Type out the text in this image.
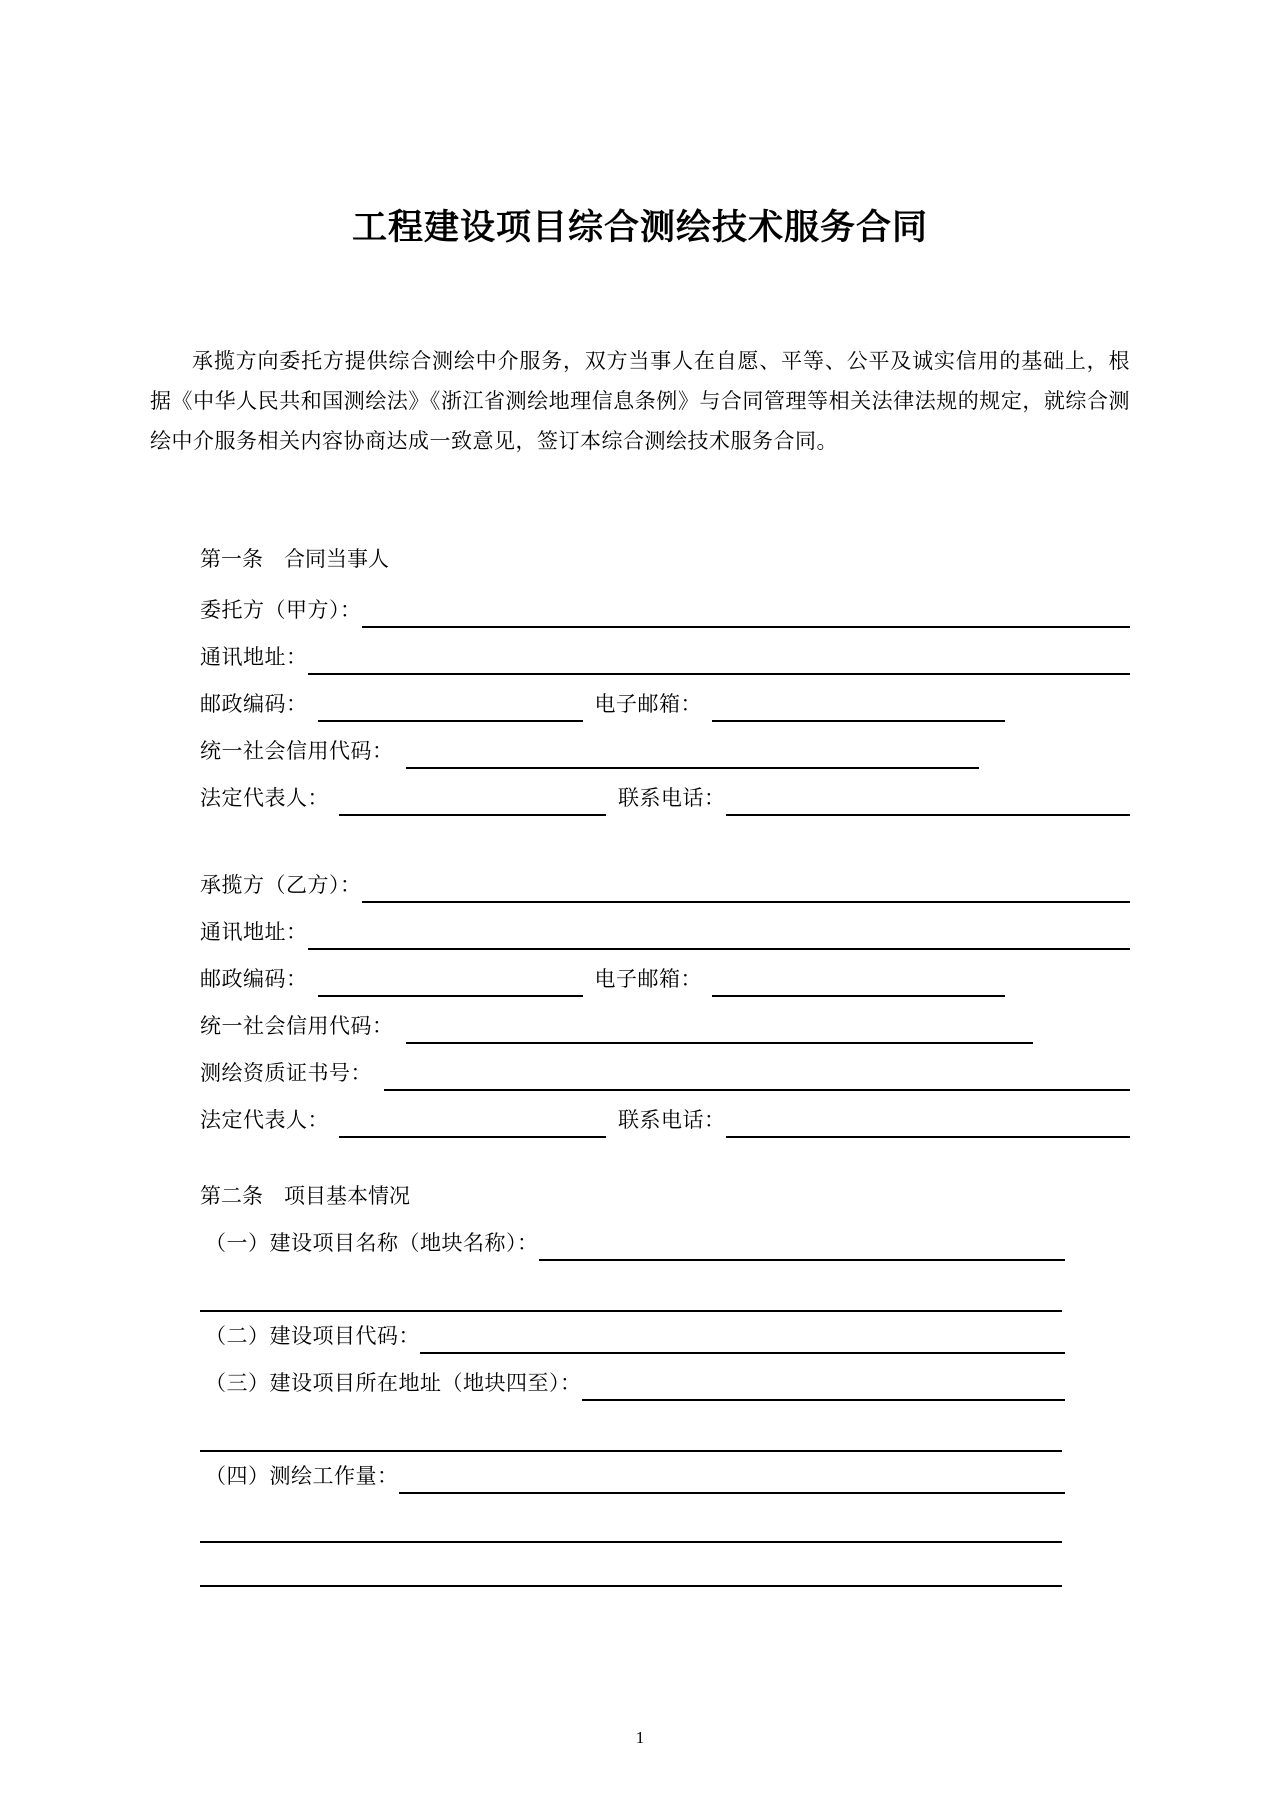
工程建设项目综合测绘技术服务合同

承揽方向委托方提供综合测绘中介服务，双方当事人在自愿、平等、公平及诚实信用的基础上，根据《中华人民共和国测绘法》《浙江省测绘地理信息条例》与合同管理等相关法律法规的规定，就综合测绘中介服务相关内容协商达成一致意见，签订本综合测绘技术服务合同。

第一条　合同当事人
委托方（甲方）：
通讯地址：
邮政编码：	电子邮箱：
统一社会信用代码：
法定代表人：	联系电话：
承揽方（乙方）：
通讯地址：
邮政编码：	电子邮箱：
统一社会信用代码：
测绘资质证书号：
法定代表人：	联系电话：
第二条　项目基本情况
（一）建设项目名称（地块名称）：
（二）建设项目代码：
（三）建设项目所在地址（地块四至）：
（四）测绘工作量：
1
